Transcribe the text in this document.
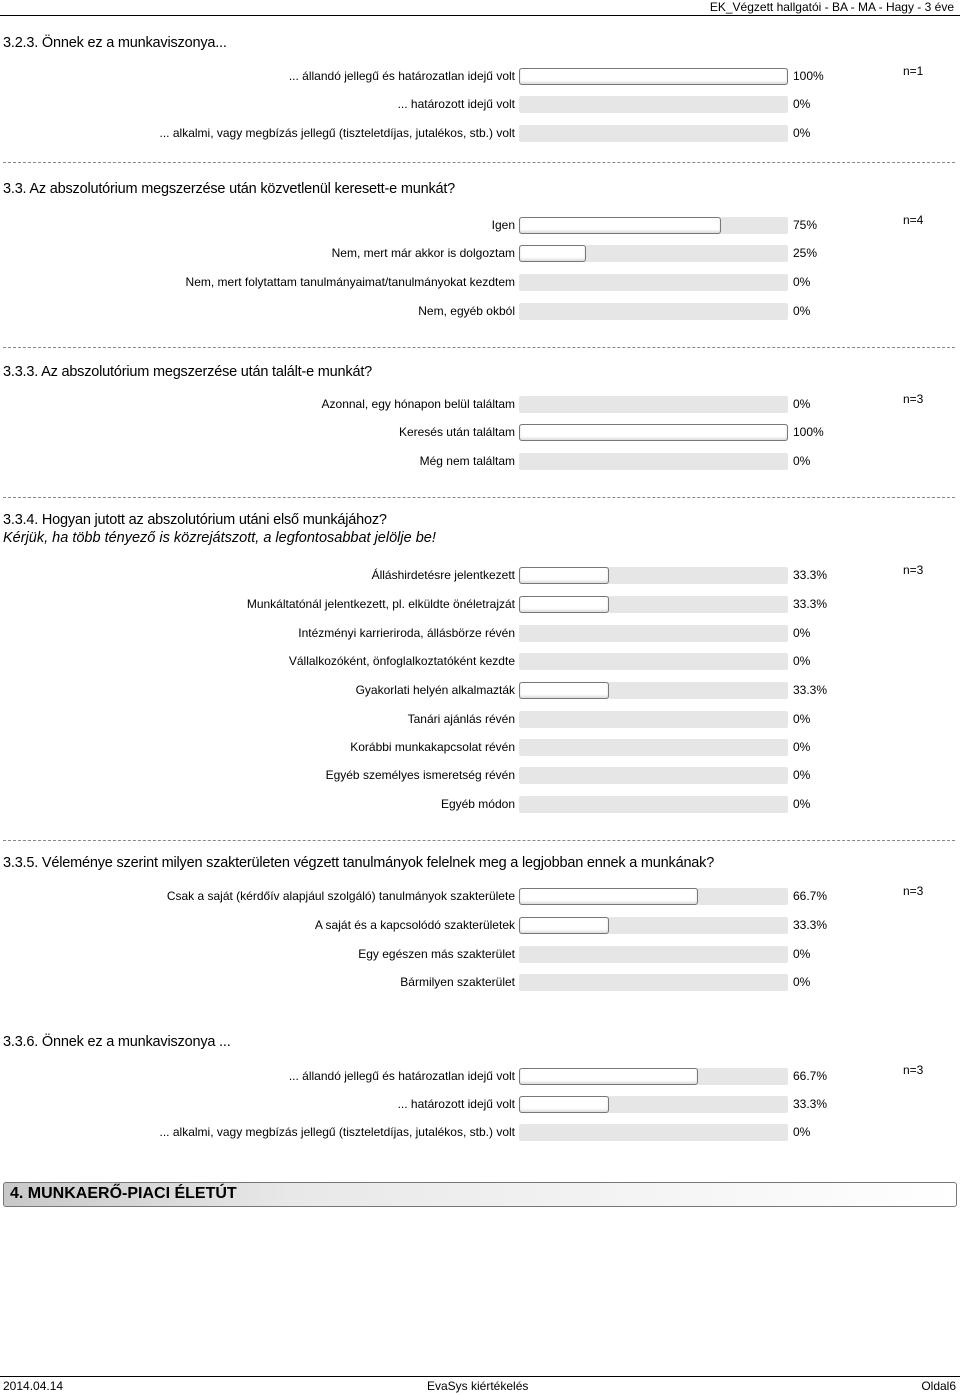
EK_Végzett hallgatói - BA - MA - Hagy - 3 éve
3.2.3. Önnek ez a munkaviszonya...
n=1
... állandó jellegű és határozatlan idejű volt	100%
... határozott idejű volt	0%
... alkalmi, vagy megbízás jellegű (tiszteletdíjas, jutalékos, stb.) volt	0%
3.3. Az abszolutórium megszerzése után közvetlenül keresett-e munkát?
n=4
Igen	75%
Nem, mert már akkor is dolgoztam	25%
Nem, mert folytattam tanulmányaimat/tanulmányokat kezdtem	0%
Nem, egyéb okból	0%
3.3.3. Az abszolutórium megszerzése után talált-e munkát?
n=3
Azonnal, egy hónapon belül találtam	0%
Keresés után találtam	100%
Még nem találtam	0%
3.3.4. Hogyan jutott az abszolutórium utáni első munkájához?
Kérjük, ha több tényező is közrejátszott, a legfontosabbat jelölje be!
n=3
Álláshirdetésre jelentkezett	33.3%
Munkáltatónál jelentkezett, pl. elküldte önéletrajzát	33.3%
Intézményi karrieriroda, állásbörze révén	0%
Vállalkozóként, önfoglalkoztatóként kezdte	0%
Gyakorlati helyén alkalmazták	33.3%
Tanári ajánlás révén	0%
Korábbi munkakapcsolat révén	0%
Egyéb személyes ismeretség révén	0%
Egyéb módon	0%
3.3.5. Véleménye szerint milyen szakterületen végzett tanulmányok felelnek meg a legjobban ennek a munkának?
n=3
Csak a saját (kérdőív alapjául szolgáló) tanulmányok szakterülete	66.7%
A saját és a kapcsolódó szakterületek	33.3%
Egy egészen más szakterület	0%
Bármilyen szakterület	0%
3.3.6. Önnek ez a munkaviszonya ...
n=3
... állandó jellegű és határozatlan idejű volt	66.7%
... határozott idejű volt	33.3%
... alkalmi, vagy megbízás jellegű (tiszteletdíjas, jutalékos, stb.) volt	0%
4. MUNKAERŐ-PIACI ÉLETÚT
2014.04.14	EvaSys kiértékelés	Oldal6
